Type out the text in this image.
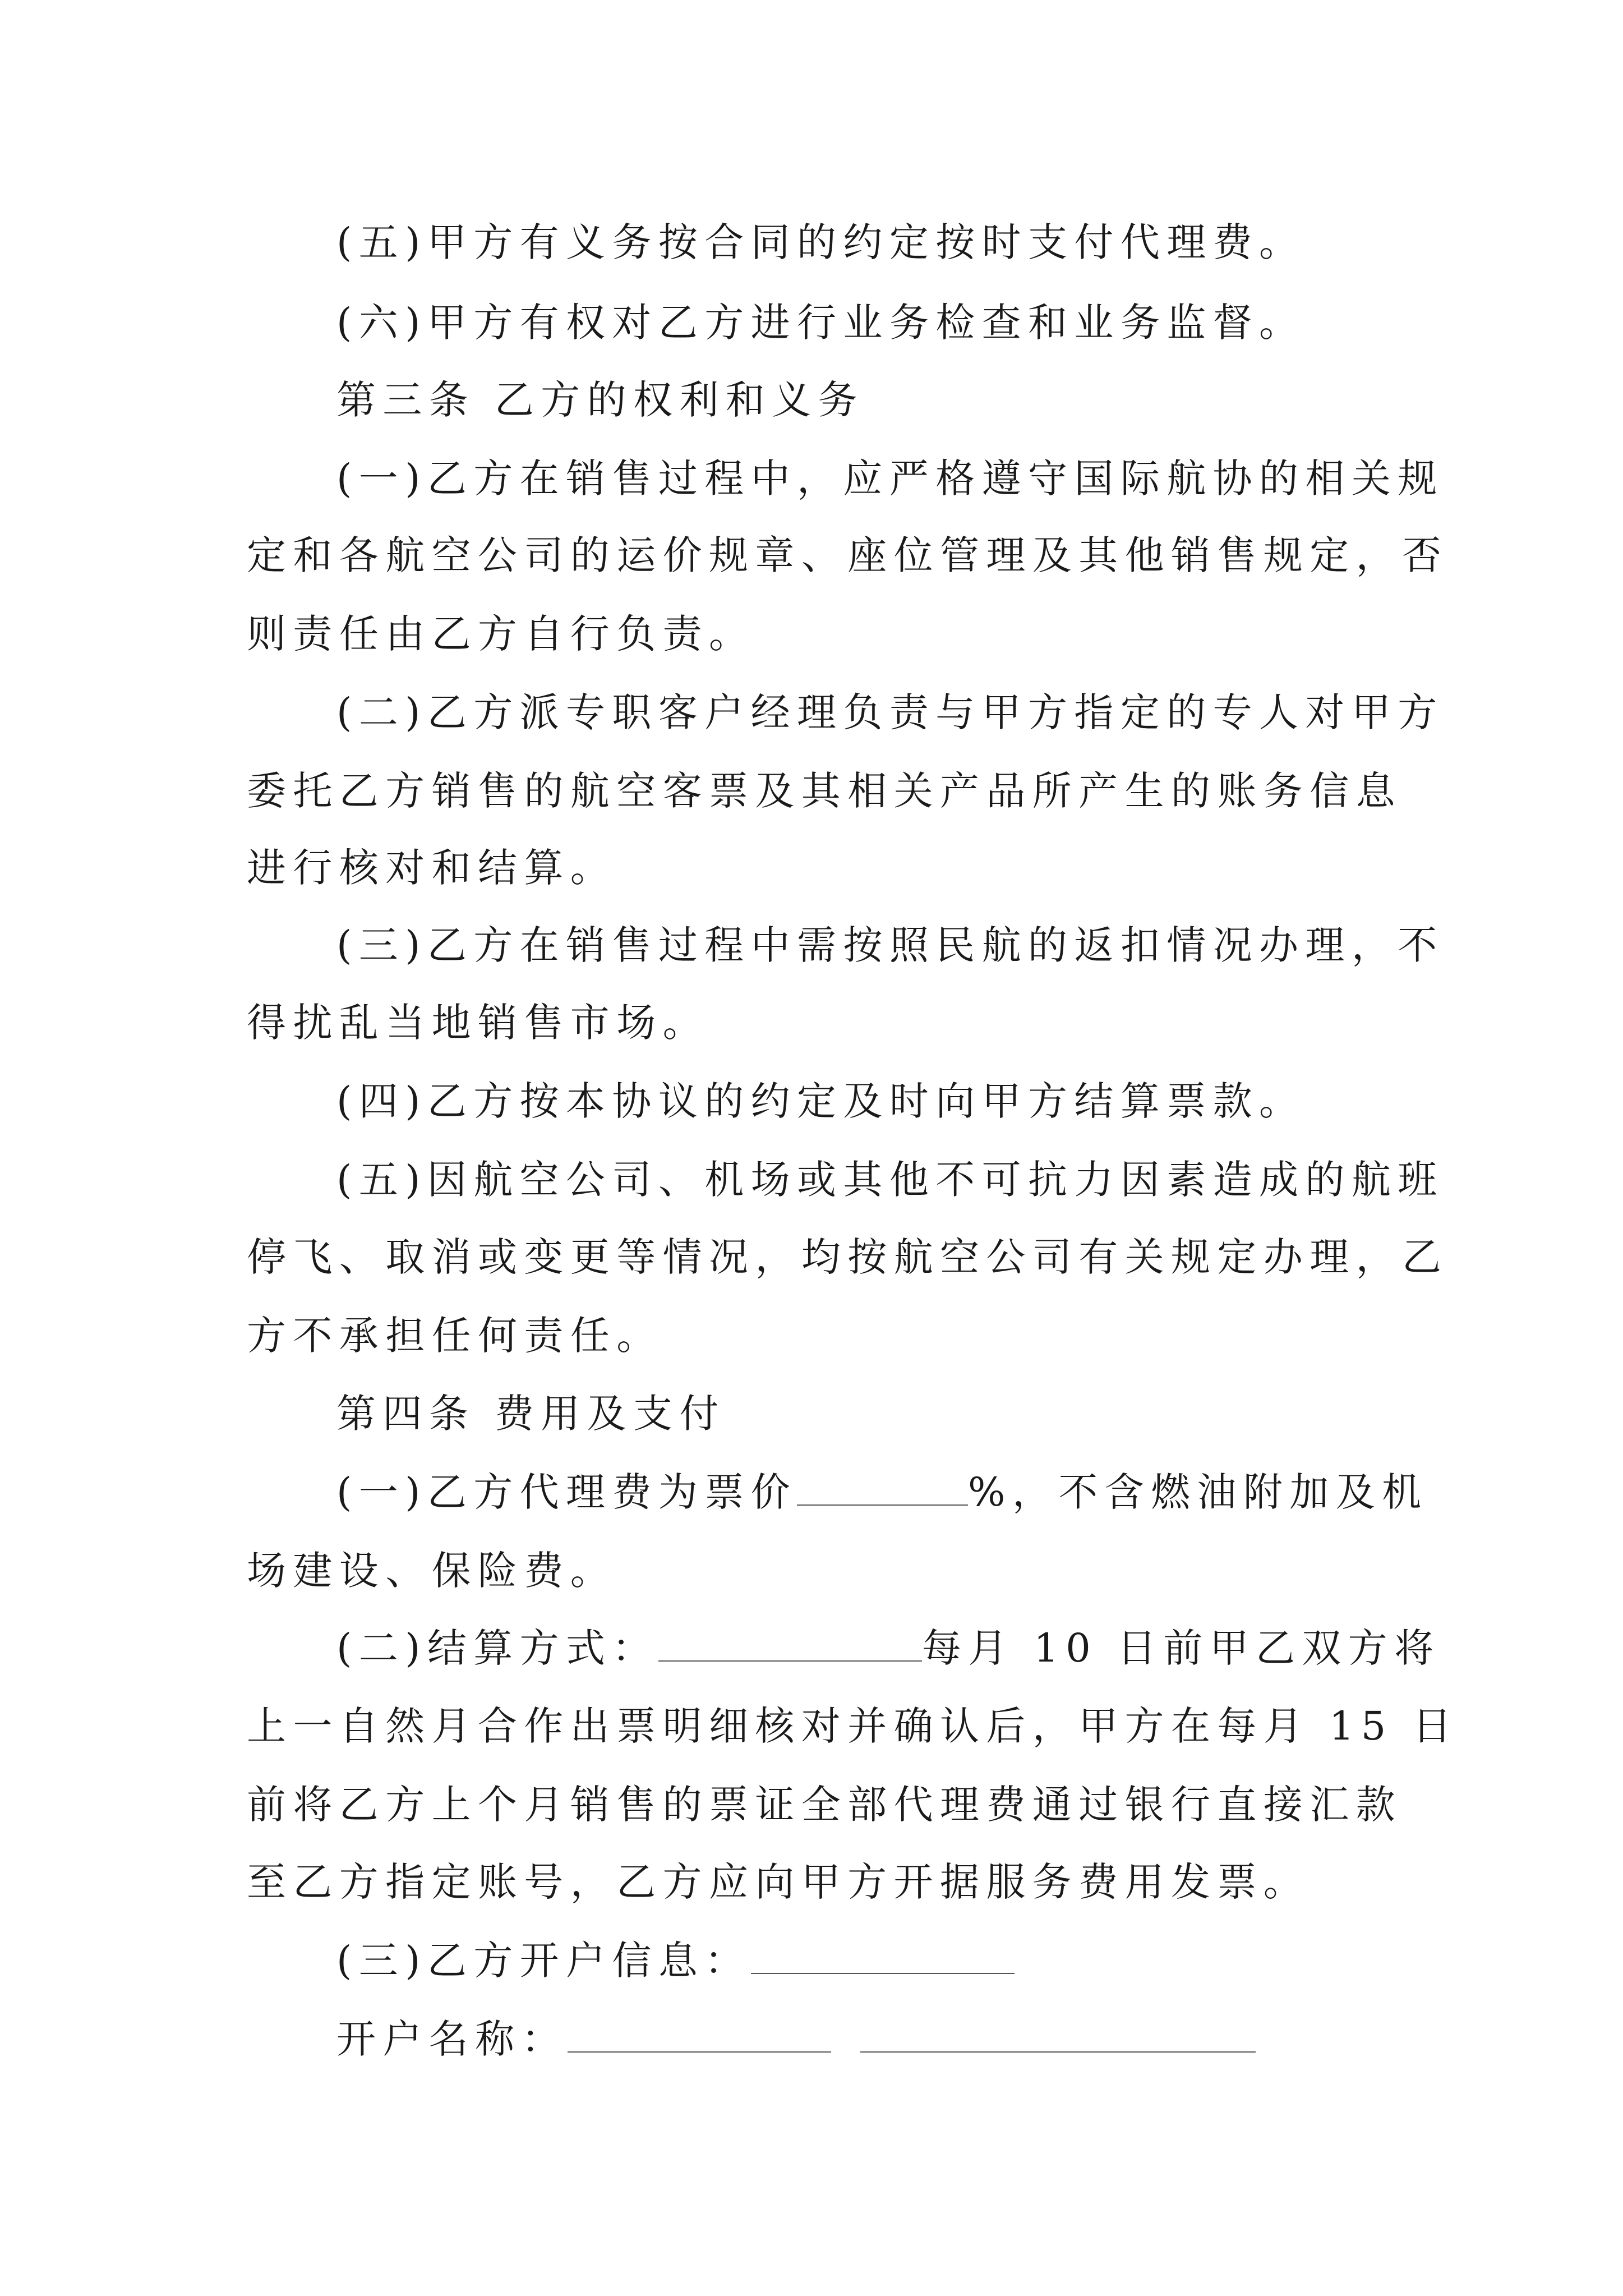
(五)甲方有义务按合同的约定按时支付代理费。
(六)甲方有权对乙方进行业务检查和业务监督。
第三条 乙方的权利和义务
(一)乙方在销售过程中，应严格遵守国际航协的相关规
定和各航空公司的运价规章、座位管理及其他销售规定，否
则责任由乙方自行负责。
(二)乙方派专职客户经理负责与甲方指定的专人对甲方
委托乙方销售的航空客票及其相关产品所产生的账务信息
进行核对和结算。
(三)乙方在销售过程中需按照民航的返扣情况办理，不
得扰乱当地销售市场。
(四)乙方按本协议的约定及时向甲方结算票款。
(五)因航空公司、机场或其他不可抗力因素造成的航班
停飞、取消或变更等情况，均按航空公司有关规定办理，乙
方不承担任何责任。
第四条 费用及支付
(一)乙方代理费为票价	%，不含燃油附加及机
场建设、保险费。
(二)结算方式：	每月 10 日前甲乙双方将
上一自然月合作出票明细核对并确认后，甲方在每月 15 日
前将乙方上个月销售的票证全部代理费通过银行直接汇款
至乙方指定账号，乙方应向甲方开据服务费用发票。
(三)乙方开户信息：
开户名称：
